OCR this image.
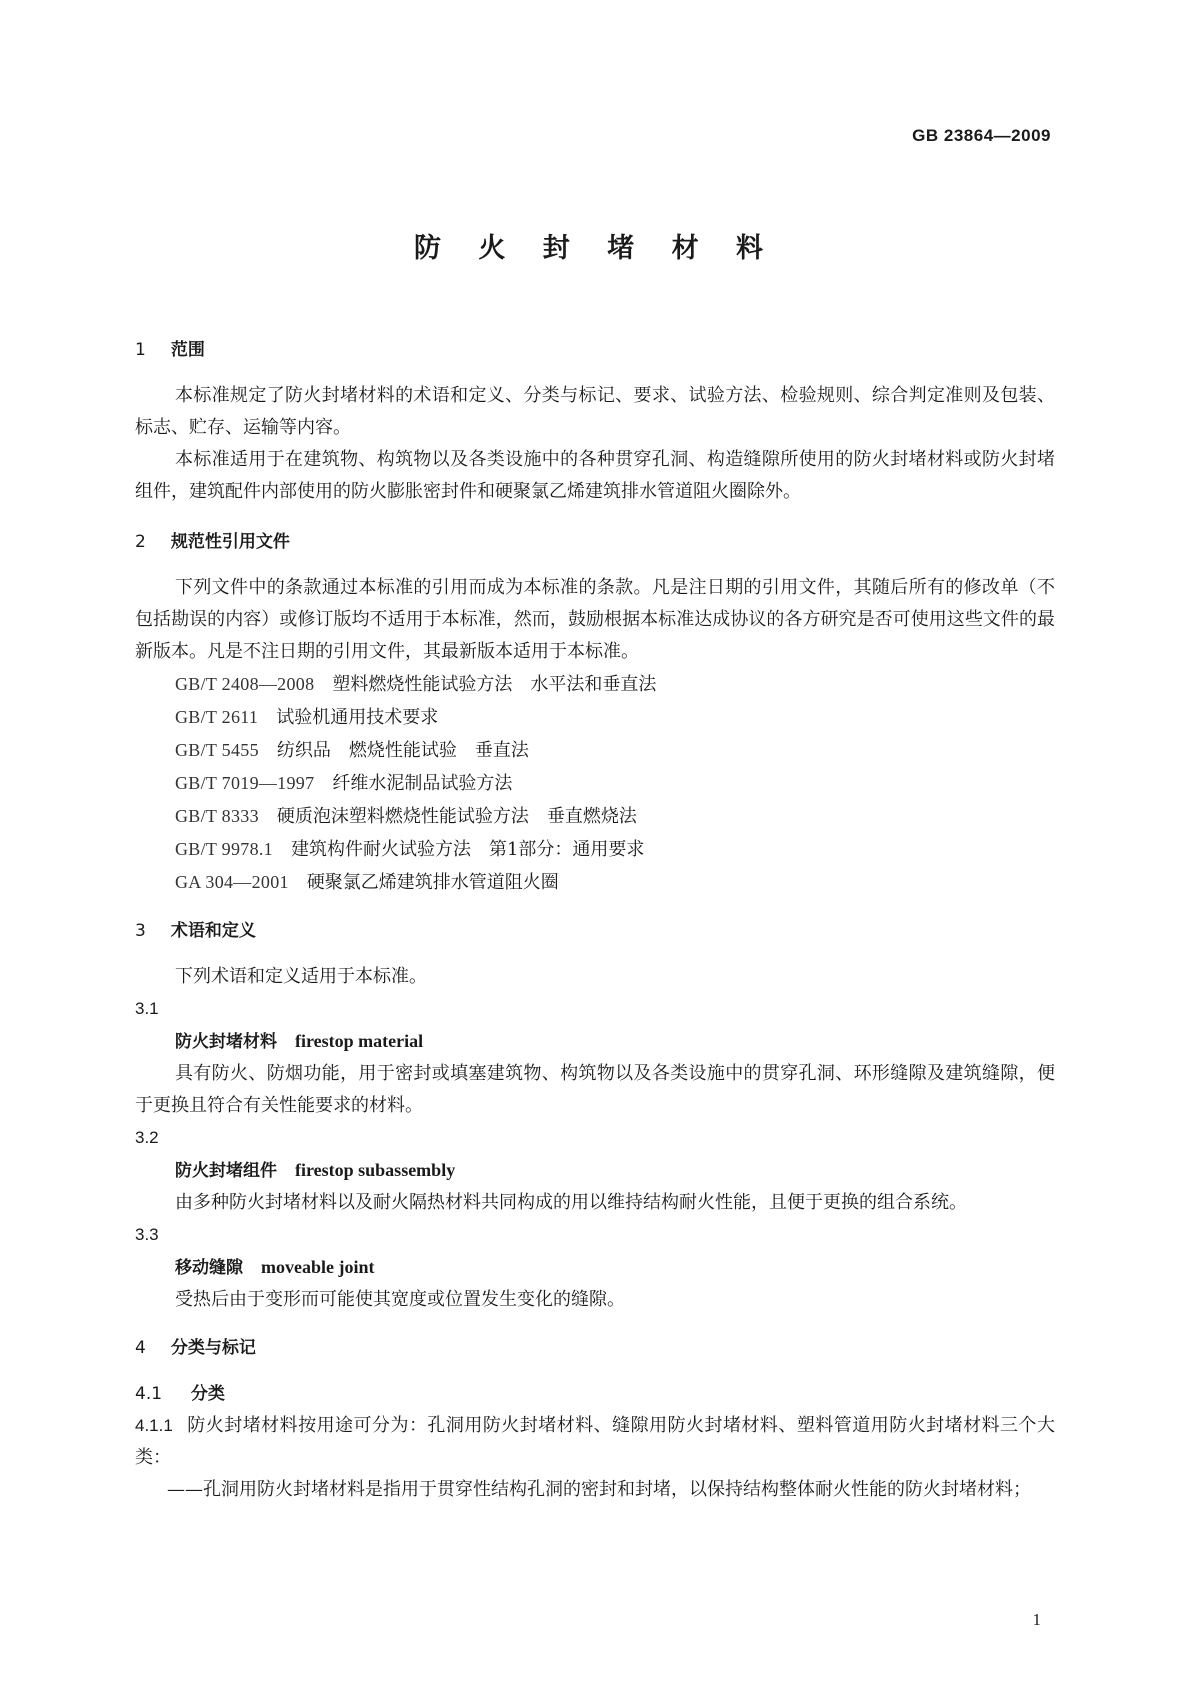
GB 23864—2009
防 火 封 堵 材 料
1 范围

本标准规定了防火封堵材料的术语和定义、分类与标记、要求、试验方法、检验规则、综合判定准则及包装、标志、贮存、运输等内容。

本标准适用于在建筑物、构筑物以及各类设施中的各种贯穿孔洞、构造缝隙所使用的防火封堵材料或防火封堵组件，建筑配件内部使用的防火膨胀密封件和硬聚氯乙烯建筑排水管道阻火圈除外。

2 规范性引用文件

下列文件中的条款通过本标准的引用而成为本标准的条款。凡是注日期的引用文件，其随后所有的修改单（不包括勘误的内容）或修订版均不适用于本标准，然而，鼓励根据本标准达成协议的各方研究是否可使用这些文件的最新版本。凡是不注日期的引用文件，其最新版本适用于本标准。

GB/T 2408—2008 塑料燃烧性能试验方法　水平法和垂直法

GB/T 2611 试验机通用技术要求

GB/T 5455 纺织品　燃烧性能试验　垂直法

GB/T 7019—1997 纤维水泥制品试验方法

GB/T 8333 硬质泡沫塑料燃烧性能试验方法　垂直燃烧法

GB/T 9978.1 建筑构件耐火试验方法　第1部分：通用要求

GA 304—2001 硬聚氯乙烯建筑排水管道阻火圈

3 术语和定义

下列术语和定义适用于本标准。

3.1

防火封堵材料 firestop material

具有防火、防烟功能，用于密封或填塞建筑物、构筑物以及各类设施中的贯穿孔洞、环形缝隙及建筑缝隙，便于更换且符合有关性能要求的材料。

3.2

防火封堵组件 firestop subassembly

由多种防火封堵材料以及耐火隔热材料共同构成的用以维持结构耐火性能，且便于更换的组合系统。

3.3

移动缝隙 moveable joint

受热后由于变形而可能使其宽度或位置发生变化的缝隙。

4 分类与标记
4.1 分类

4.1.1 防火封堵材料按用途可分为：孔洞用防火封堵材料、缝隙用防火封堵材料、塑料管道用防火封堵材料三个大类：

——孔洞用防火封堵材料是指用于贯穿性结构孔洞的密封和封堵，以保持结构整体耐火性能的防火封堵材料；

1
